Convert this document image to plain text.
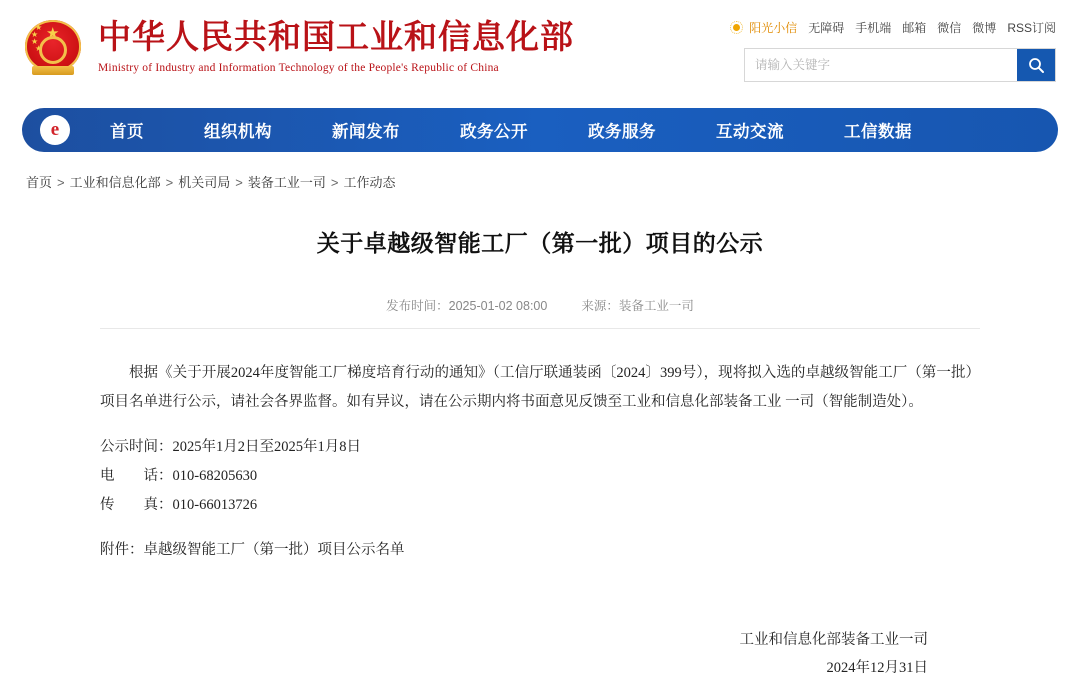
★
★
★
★
★ 中华人民共和国工业和信息化部
Ministry of Industry and Information Technology of the People's Republic of China
阳光小信 无障碍 手机端 邮箱 微信 微博 RSS订阅
请输入关键字
e	首页	组织机构	新闻发布	政务公开	政务服务	互动交流	工信数据
首页 > 工业和信息化部 > 机关司局 > 装备工业一司 > 工作动态
关于卓越级智能工厂（第一批）项目的公示
发布时间：2025-01-02 08:00	来源：装备工业一司
根据《关于开展2024年度智能工厂梯度培育行动的通知》（工信厅联通装函〔2024〕399号），现将拟入选的卓越级智能工厂（第一批）项目名单进行公示，请社会各界监督。如有异议，请在公示期内将书面意见反馈至工业和信息化部装备工业 一司（智能制造处）。
公示时间：2025年1月2日至2025年1月8日
电　　话：010-68205630
传　　真：010-66013726
附件：卓越级智能工厂（第一批）项目公示名单
工业和信息化部装备工业一司
2024年12月31日
